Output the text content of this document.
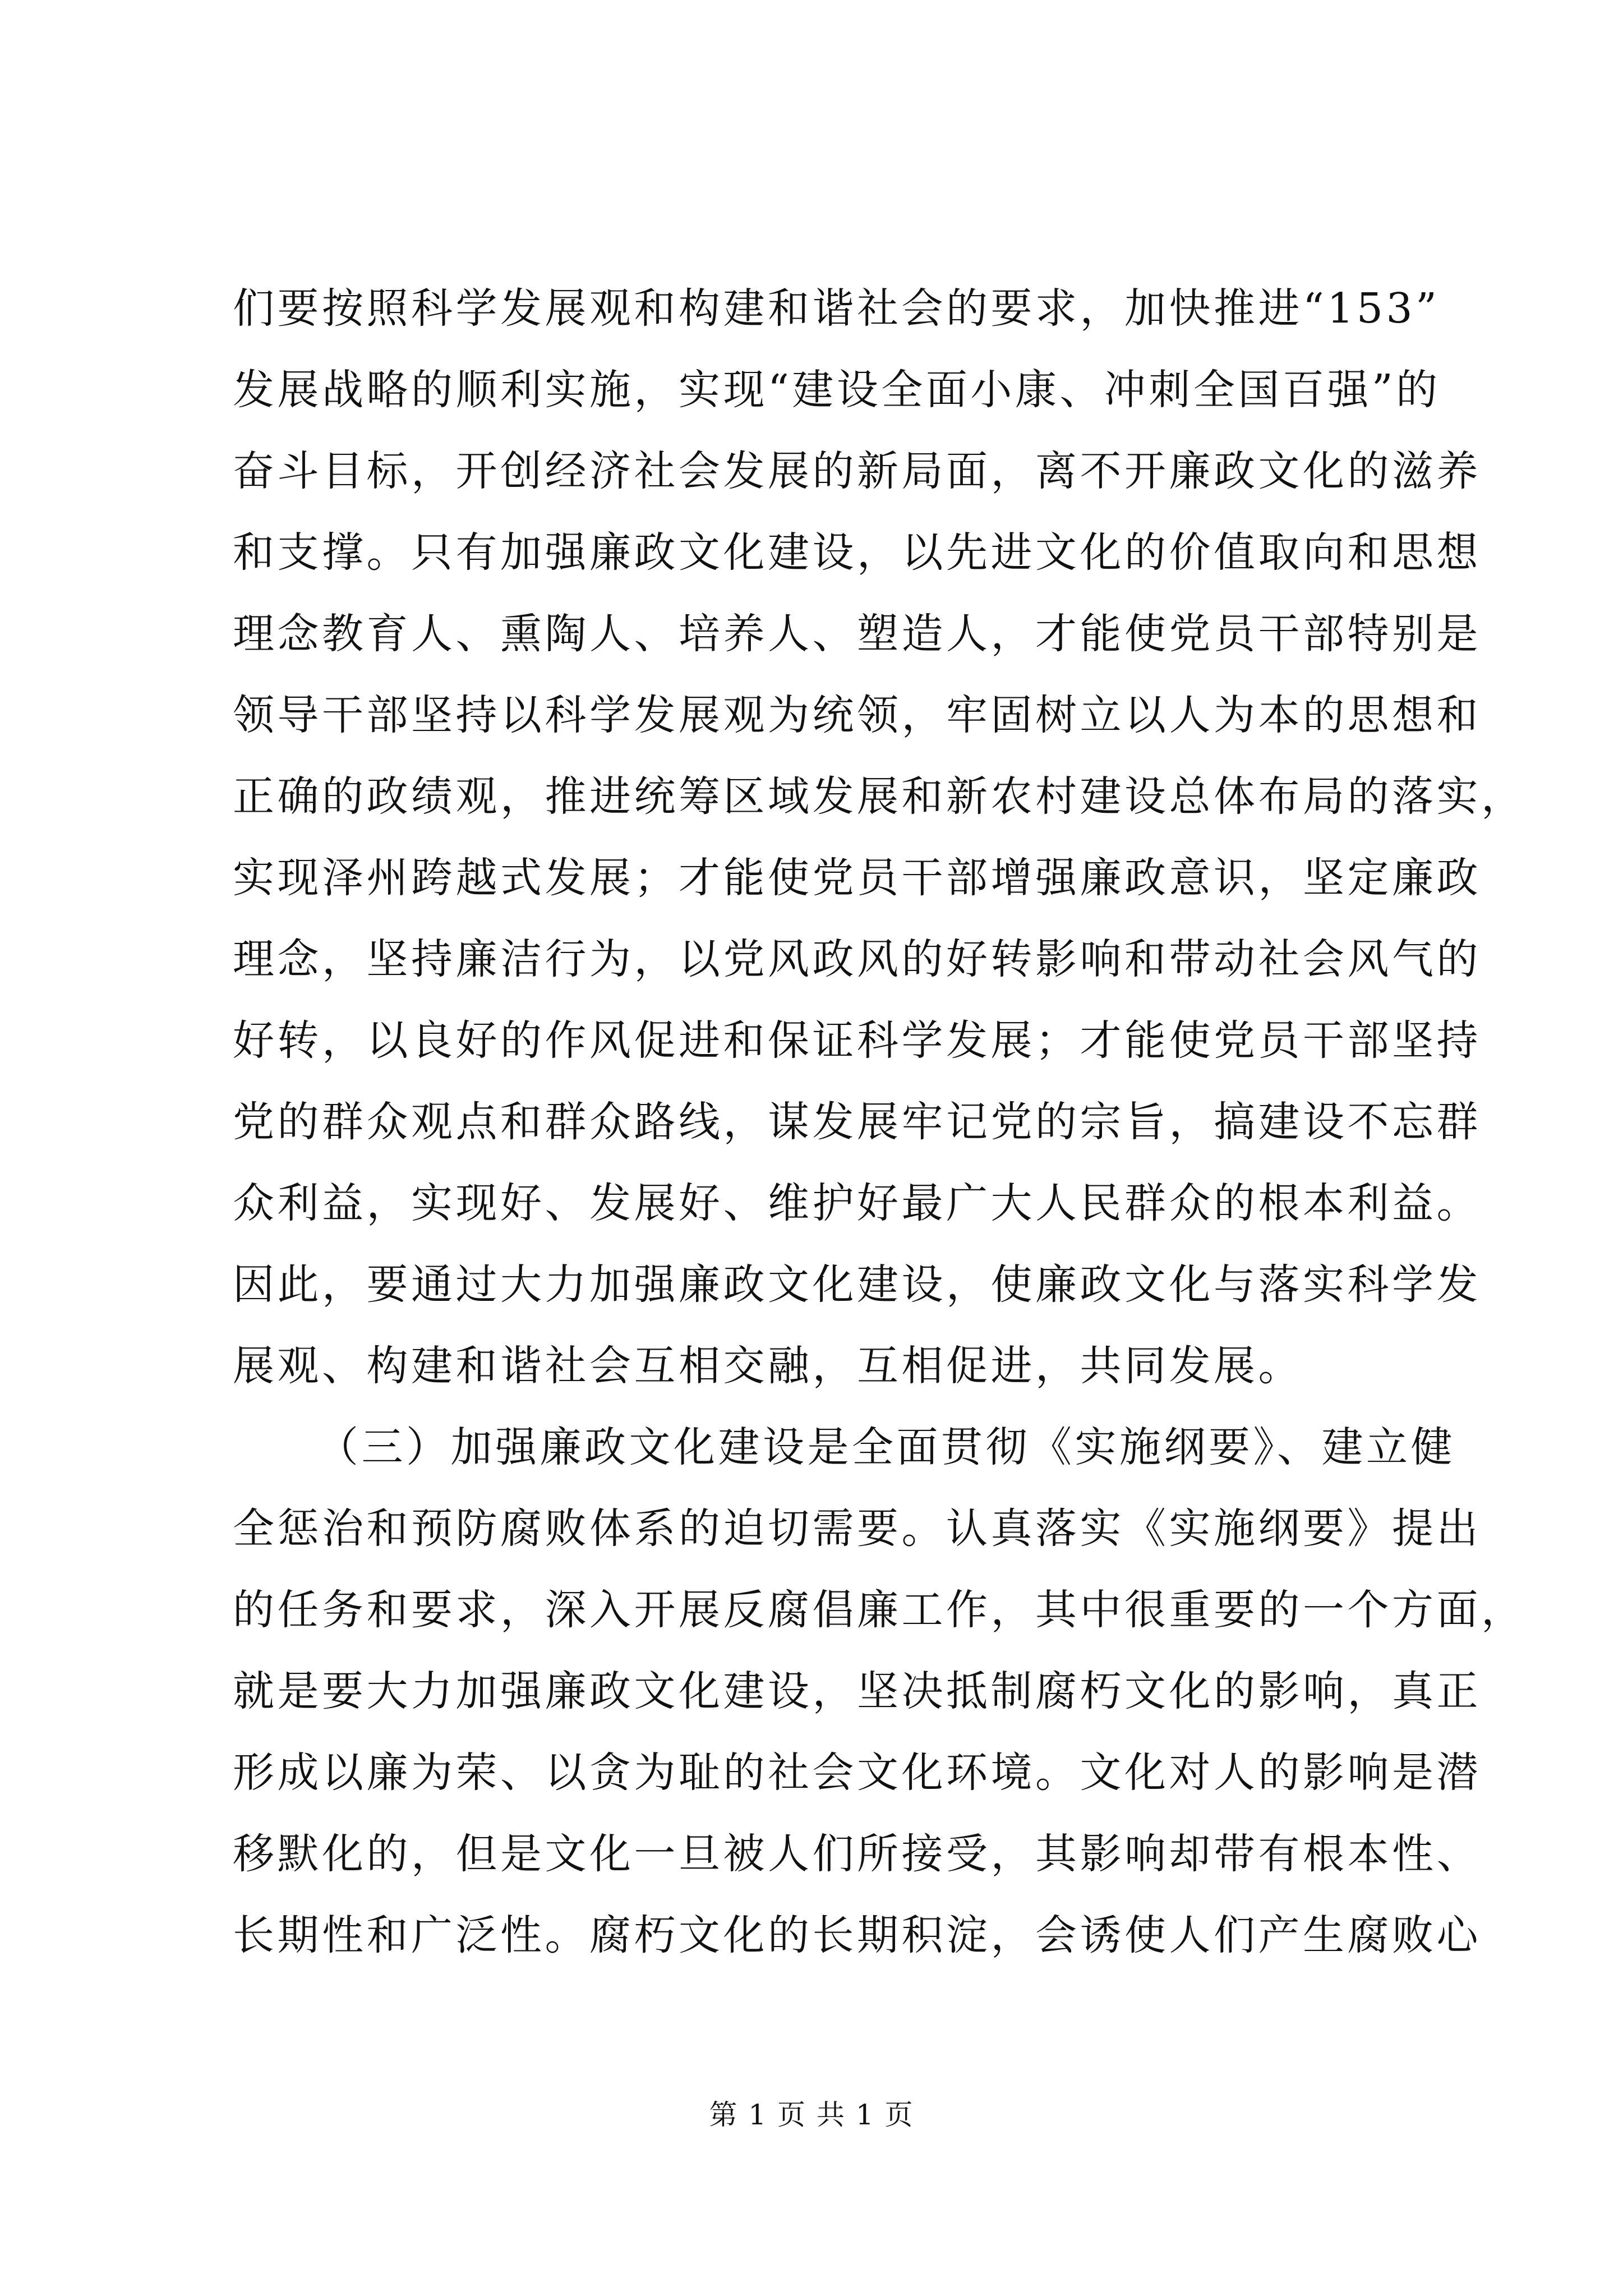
们要按照科学发展观和构建和谐社会的要求，加快推进“153”
发展战略的顺利实施，实现“建设全面小康、冲刺全国百强”的
奋斗目标，开创经济社会发展的新局面，离不开廉政文化的滋养
和支撑。只有加强廉政文化建设，以先进文化的价值取向和思想
理念教育人、熏陶人、培养人、塑造人，才能使党员干部特别是
领导干部坚持以科学发展观为统领，牢固树立以人为本的思想和
正确的政绩观，推进统筹区域发展和新农村建设总体布局的落实，
实现泽州跨越式发展；才能使党员干部增强廉政意识，坚定廉政
理念，坚持廉洁行为，以党风政风的好转影响和带动社会风气的
好转，以良好的作风促进和保证科学发展；才能使党员干部坚持
党的群众观点和群众路线，谋发展牢记党的宗旨，搞建设不忘群
众利益，实现好、发展好、维护好最广大人民群众的根本利益。
因此，要通过大力加强廉政文化建设，使廉政文化与落实科学发
展观、构建和谐社会互相交融，互相促进，共同发展。
（三）加强廉政文化建设是全面贯彻《实施纲要》、建立健
全惩治和预防腐败体系的迫切需要。认真落实《实施纲要》提出
的任务和要求，深入开展反腐倡廉工作，其中很重要的一个方面，
就是要大力加强廉政文化建设，坚决抵制腐朽文化的影响，真正
形成以廉为荣、以贪为耻的社会文化环境。文化对人的影响是潜
移默化的，但是文化一旦被人们所接受，其影响却带有根本性、
长期性和广泛性。腐朽文化的长期积淀，会诱使人们产生腐败心
第 1 页 共 1 页
